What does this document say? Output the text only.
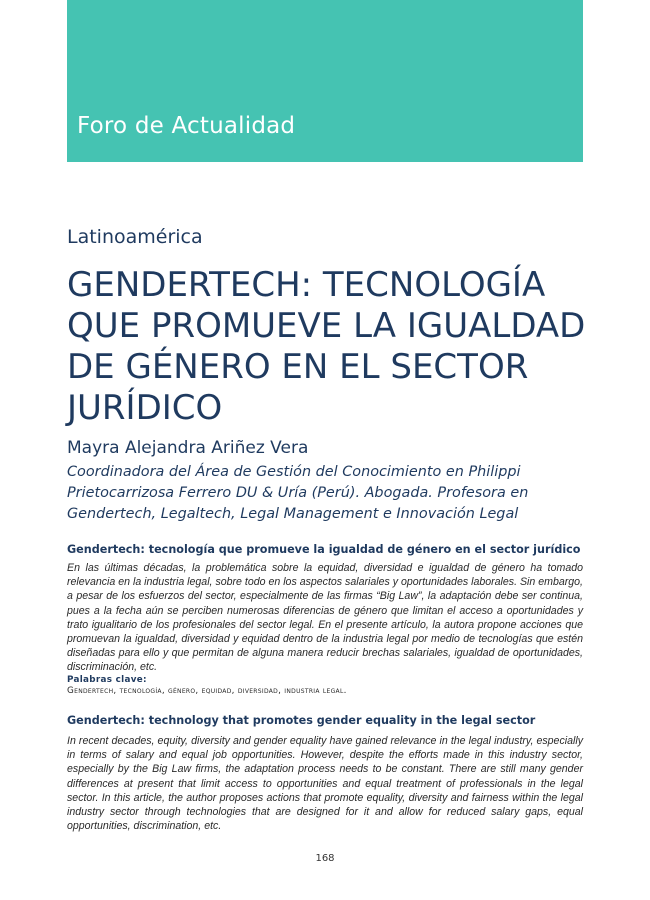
Foro de Actualidad
Latinoamérica
GENDERTECH: TECNOLOGÍA QUE PROMUEVE LA IGUALDAD DE GÉNERO EN EL SECTOR JURÍDICO
Mayra Alejandra Ariñez Vera

Coordinadora del Área de Gestión del Conocimiento en Philippi Prietocarrizosa Ferrero DU & Uría (Perú). Abogada. Profesora en Gendertech, Legaltech, Legal Management e Innovación Legal

Gendertech: tecnología que promueve la igualdad de género en el sector jurídico

En las últimas décadas, la problemática sobre la equidad, diversidad e igualdad de género ha tomado relevancia en la industria legal, sobre todo en los aspectos salariales y oportunidades laborales. Sin embargo, a pesar de los esfuerzos del sector, especialmente de las firmas “Big Law”, la adaptación debe ser continua, pues a la fecha aún se perciben numerosas diferencias de género que limitan el acceso a oportunidades y trato igualitario de los profesionales del sector legal. En el presente artículo, la autora propone acciones que promuevan la igualdad, diversidad y equidad dentro de la industria legal por medio de tecnologías que estén diseñadas para ello y que permitan de alguna manera reducir brechas salariales, igualdad de oportunidades, discriminación, etc.

Palabras clave:

Gendertech, tecnología, género, equidad, diversidad, industria legal.

Gendertech: technology that promotes gender equality in the legal sector

In recent decades, equity, diversity and gender equality have gained relevance in the legal industry, especially in terms of salary and equal job opportunities. However, despite the efforts made in this industry sector, especially by the Big Law firms, the adaptation process needs to be constant. There are still many gender differences at present that limit access to opportunities and equal treatment of professionals in the legal sector. In this article, the author proposes actions that promote equality, diversity and fairness within the legal industry sector through technologies that are designed for it and allow for reduced salary gaps, equal opportunities, discrimination, etc.

168
